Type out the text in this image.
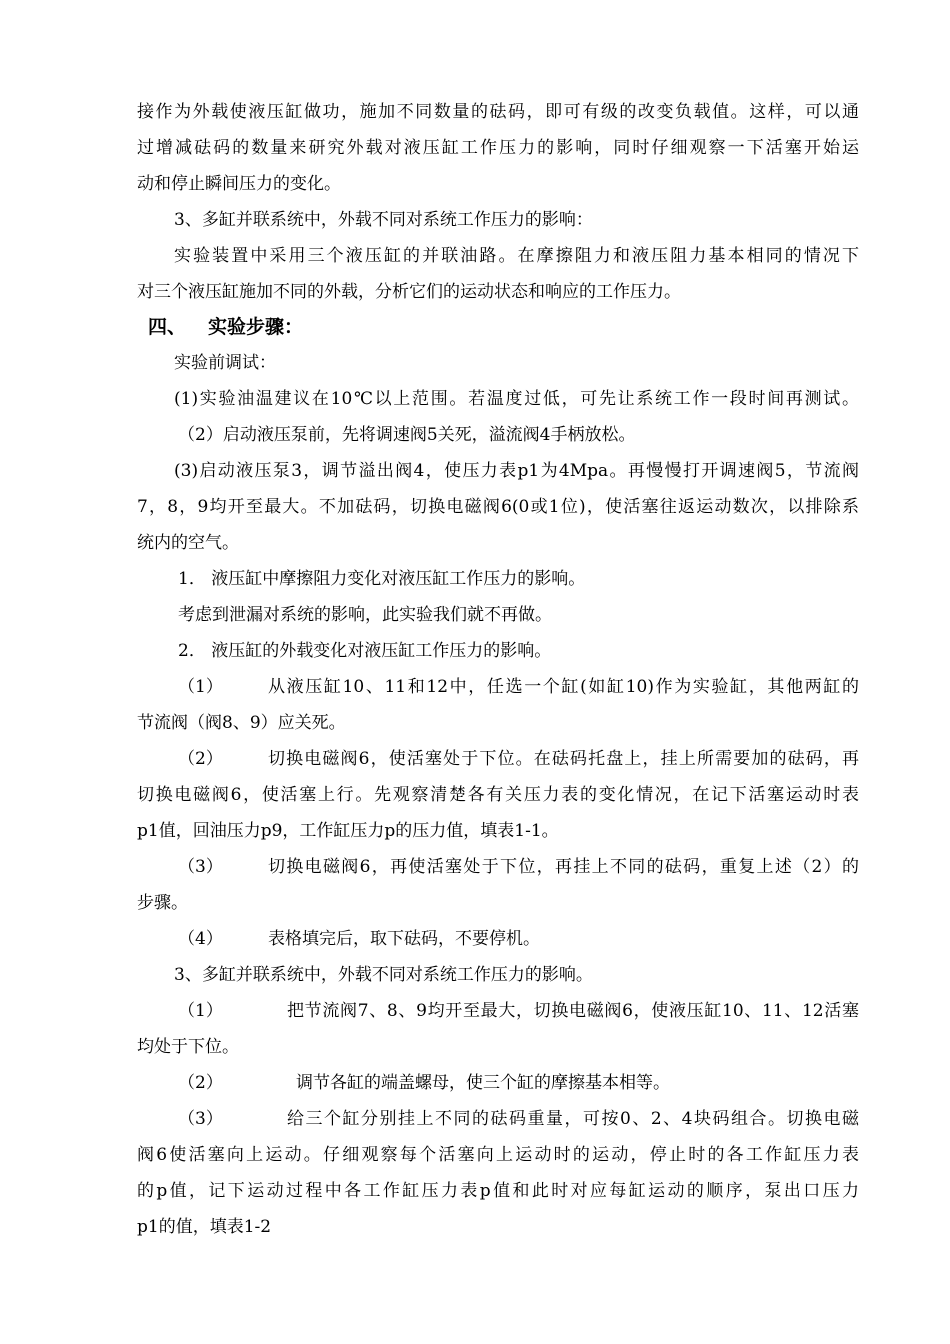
接作为外载使液压缸做功，施加不同数量的砝码，即可有级的改变负载值。这样，可以通
过增减砝码的数量来研究外载对液压缸工作压力的影响，同时仔细观察一下活塞开始运
动和停止瞬间压力的变化。
3、多缸并联系统中，外载不同对系统工作压力的影响：
实验装置中采用三个液压缸的并联油路。在摩擦阻力和液压阻力基本相同的情况下
对三个液压缸施加不同的外载，分析它们的运动状态和响应的工作压力。
四、 实验步骤：
实验前调试：
(1)实验油温建议在10℃以上范围。若温度过低，可先让系统工作一段时间再测试。
（2）启动液压泵前，先将调速阀5关死，溢流阀4手柄放松。
(3)启动液压泵3，调节溢出阀4，使压力表p1为4Mpa。再慢慢打开调速阀5，节流阀
7，8，9均开至最大。不加砝码，切换电磁阀6(0或1位)，使活塞往返运动数次，以排除系
统内的空气。
1． 液压缸中摩擦阻力变化对液压缸工作压力的影响。
考虑到泄漏对系统的影响，此实验我们就不再做。
2． 液压缸的外载变化对液压缸工作压力的影响。
（1）	从液压缸10、11和12中，任选一个缸(如缸10)作为实验缸，其他两缸的
节流阀（阀8、9）应关死。
（2）	切换电磁阀6，使活塞处于下位。在砝码托盘上，挂上所需要加的砝码，再
切换电磁阀6，使活塞上行。先观察清楚各有关压力表的变化情况，在记下活塞运动时表
p1值，回油压力p9，工作缸压力p的压力值，填表1-1。
（3）	切换电磁阀6，再使活塞处于下位，再挂上不同的砝码，重复上述（2）的
步骤。
（4）	表格填完后，取下砝码，不要停机。
3、多缸并联系统中，外载不同对系统工作压力的影响。
（1）	把节流阀7、8、9均开至最大，切换电磁阀6，使液压缸10、11、12活塞
均处于下位。
（2）	调节各缸的端盖螺母，使三个缸的摩擦基本相等。
（3）	给三个缸分别挂上不同的砝码重量，可按0、2、4块码组合。切换电磁
阀6使活塞向上运动。仔细观察每个活塞向上运动时的运动，停止时的各工作缸压力表
的p值，记下运动过程中各工作缸压力表p值和此时对应每缸运动的顺序，泵出口压力
p1的值，填表1-2
